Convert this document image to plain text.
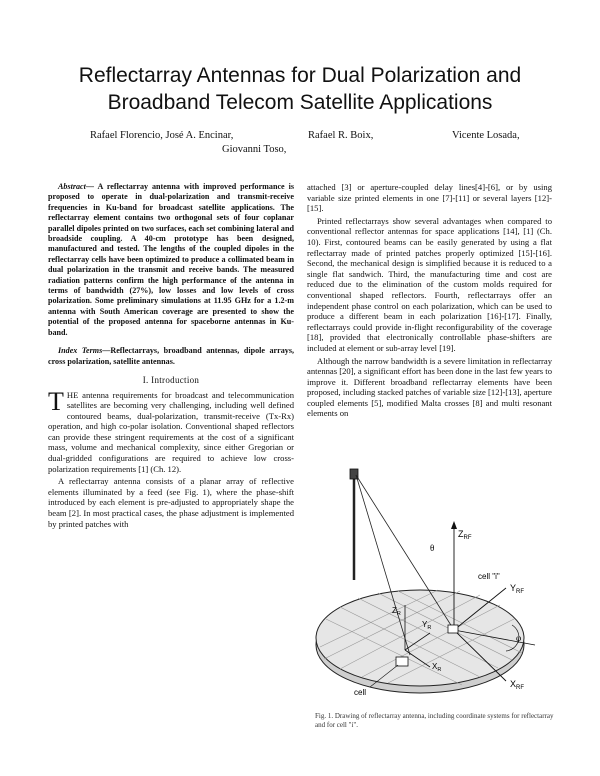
Reflectarray Antennas for Dual Polarization and
Broadband Telecom Satellite Applications
Rafael Florencio, José A. Encinar,	Rafael R. Boix,	Vicente Losada,
Giovanni Toso,
Abstract— A reflectarray antenna with improved performance is proposed to operate in dual-polarization and transmit-receive frequencies in Ku-band for broadcast satellite applications. The reflectarray element contains two orthogonal sets of four coplanar parallel dipoles printed on two surfaces, each set combining lateral and broadside coupling. A 40-cm prototype has been designed, manufactured and tested. The lengths of the coupled dipoles in the reflectarray cells have been optimized to produce a collimated beam in dual polarization in the transmit and receive bands. The measured radiation patterns confirm the high performance of the antenna in terms of bandwidth (27%), low losses and low levels of cross polarization. Some preliminary simulations at 11.95 GHz for a 1.2-m antenna with South American coverage are presented to show the potential of the proposed antenna for spaceborne antennas in Ku-band.
Index Terms—Reflectarrays, broadband antennas, dipole arrays, cross polarization, satellite antennas.
I. Introduction

THE antenna requirements for broadcast and telecommunication satellites are becoming very challenging, including well defined contoured beams, dual-polarization, transmit-receive (Tx-Rx) operation, and high co-polar isolation. Conventional shaped reflectors can provide these stringent requirements at the cost of a significant mass, volume and mechanical complexity, since either Gregorian or dual-gridded configurations are required to achieve low cross-polarization requirements [1] (Ch. 12).

A reflectarray antenna consists of a planar array of reflective elements illuminated by a feed (see Fig. 1), where the phase-shift introduced by each element is pre-adjusted to appropriately shape the beam [2]. In most practical cases, the phase adjustment is implemented by printed patches with

attached [3] or aperture-coupled delay lines[4]-[6], or by using variable size printed elements in one [7]-[11] or several layers [12]-[15].

Printed reflectarrays show several advantages when compared to conventional reflector antennas for space applications [14], [1] (Ch. 10). First, contoured beams can be easily generated by using a flat reflectarray made of printed patches properly optimized [15]-[16]. Second, the mechanical design is simplified because it is reduced to a single flat sandwich. Third, the manufacturing time and cost are reduced due to the elimination of the custom molds required for conventional shaped reflectors. Fourth, reflectarrays offer an independent phase control on each polarization, which can be used to produce a different beam in each polarization [16]-[17]. Finally, reflectarrays could provide in-flight reconfigurability of the coverage [18], provided that electronically controllable phase-shifters are included at element or sub-array level [19].

Although the narrow bandwidth is a severe limitation in reflectarray antennas [20], a significant effort has been done in the last few years to improve it. Different broadband reflectarray elements have been proposed, including stacked patches of variable size [12]-[13], aperture coupled elements [5], modified Malta crosses [8] and multi resonant elements on

$Z_{RF}$
θ
cell "i"
$Y_{RF}$
$Z_R$
$Y_R$
$X_R$
$X_{RF}$
φ
cell
Fig. 1. Drawing of reflectarray antenna, including coordinate systems for reflectarray and for cell "i".
